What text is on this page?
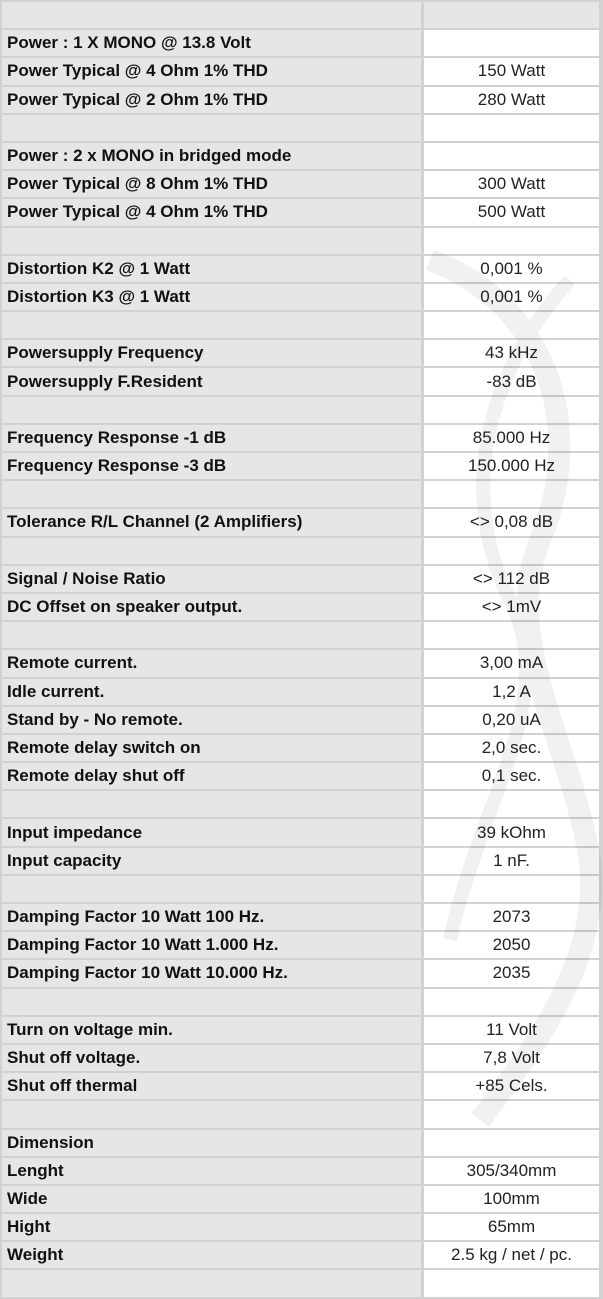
Power : 1 X MONO @ 13.8 Volt	
Power Typical @ 4 Ohm 1% THD	150 Watt
Power Typical @ 2 Ohm 1% THD	280 Watt

Power : 2 x MONO in bridged mode	
Power Typical @ 8 Ohm 1% THD	300 Watt
Power Typical @ 4 Ohm 1% THD	500 Watt

Distortion K2 @ 1 Watt	0,001 %
Distortion K3 @ 1 Watt	0,001 %

Powersupply Frequency	43 kHz
Powersupply F.Resident	-83 dB

Frequency Response -1 dB	85.000 Hz
Frequency Response -3 dB	150.000 Hz

Tolerance R/L Channel (2 Amplifiers)	<> 0,08 dB

Signal / Noise Ratio	<> 112 dB
DC Offset on speaker output.	<> 1mV

Remote current.	3,00 mA
Idle current.	1,2 A
Stand by - No remote.	0,20 uA
Remote delay switch on	2,0 sec.
Remote delay shut off	0,1 sec.

Input impedance	39 kOhm
Input capacity	1 nF.

Damping Factor 10 Watt 100 Hz.	2073
Damping Factor 10 Watt 1.000 Hz.	2050
Damping Factor 10 Watt 10.000 Hz.	2035

Turn on voltage min.	11 Volt
Shut off voltage.	7,8 Volt
Shut off thermal	+85 Cels.

Dimension	
Lenght	305/340mm
Wide	100mm
Hight	65mm
Weight	2.5 kg / net / pc.
